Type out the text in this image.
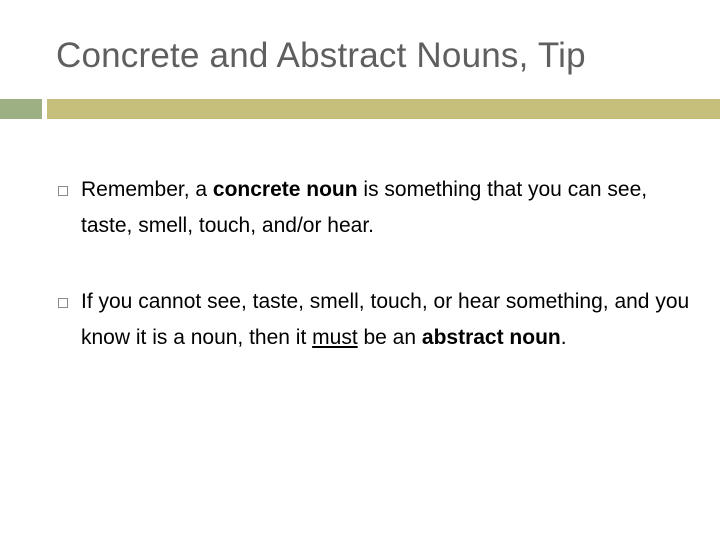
Concrete and Abstract Nouns, Tip
Remember, a concrete noun is something that you can see, taste, smell, touch, and/or hear.
If you cannot see, taste, smell, touch, or hear something, and you know it is a noun, then it must be an abstract noun.
